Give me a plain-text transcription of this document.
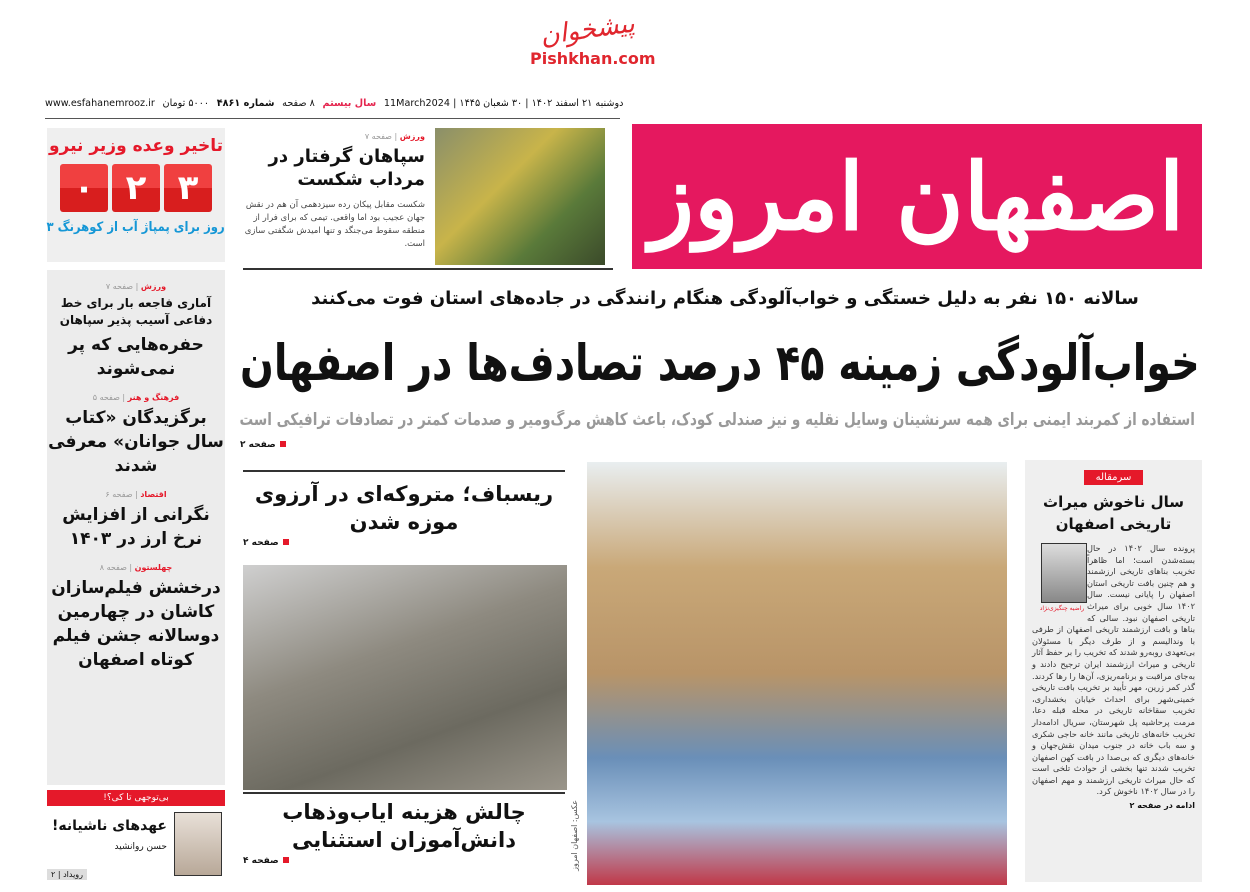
پیشخوان
Pishkhan.com
دوشنبه ۲۱ اسفند ۱۴۰۲ | ۳۰ شعبان ۱۴۴۵ | 11March2024
سال بیستم
۸ صفحه
شماره ۴۸۶۱
۵۰۰۰ تومان
www.esfahanemrooz.ir
اصفهان امروز
تاخیر وعده وزیر نیرو
۳
۲
۰
روز برای پمپاژ آب از کوهرنگ ۳
ورزش | صفحه ۷
سپاهان گرفتار در مرداب شکست

شکست مقابل پیکان رده سیزدهمی آن هم در نقش جهان عجیب بود اما واقعی. تیمی که برای فرار از منطقه سقوط می‌جنگد و تنها امیدش شگفتی سازی است.

سالانه ۱۵۰ نفر به دلیل خستگی و خواب‌آلودگی هنگام رانندگی در جاده‌های استان فوت می‌کنند
خواب‌آلودگی زمینه ۴۵ درصد تصادف‌ها در اصفهان
استفاده از کمربند ایمنی برای همه سرنشینان وسایل نقلیه و نیز صندلی کودک، باعث کاهش مرگ‌ومیر و صدمات کمتر در تصادفات ترافیکی است
صفحه ۲
ورزش | صفحه ۷
آماری فاجعه بار برای خط دفاعی آسیب پذیر سپاهان
حفره‌هایی که پر نمی‌شوند
فرهنگ و هنر | صفحه ۵
برگزیدگان «کتاب سال جوانان» معرفی شدند
اقتصاد | صفحه ۶
نگرانی از افزایش نرخ ارز در ۱۴۰۳
چهلستون | صفحه ۸
درخشش فیلم‌سازان کاشان در چهارمین دوسالانه جشن فیلم کوتاه اصفهان
بی‌توجهی تا کی؟!
عهدهای ناشیانه!
حسن روانشید
رویداد | ۲
ریسباف؛ متروکه‌ای در آرزوی موزه شدن
صفحه ۲
چالش هزینه ایاب‌وذهاب دانش‌آموزان استثنایی
صفحه ۴	عکس: اصفهان امروز
سرمقاله
سال ناخوش میراث تاریخی اصفهان
راضیه چنگیزی‌نژاد

پرونده سال ۱۴۰۲ در حال بسته‌شدن است؛ اما ظاهراً تخریب بناهای تاریخی ارزشمند و هم چنین بافت تاریخی استان اصفهان را پایانی نیست. سال ۱۴۰۲ سال خوبی برای میراث تاریخی اصفهان نبود. سالی که بناها و بافت ارزشمند تاریخی اصفهان از طرفی با وندالیسم و از طرف دیگر با مسئولان بی‌تعهدی روبه‌رو شدند که تخریب را بر حفظ آثار تاریخی و میراث ارزشمند ایران ترجیح دادند و به‌جای مراقبت و برنامه‌ریزی، آن‌ها را رها کردند. گذر کمر زرین، مهر تأیید بر تخریب بافت تاریخی خمینی‌شهر برای احداث خیابان بخشداری، تخریب سقاخانه تاریخی در محله قبله دعا، مرمت پرحاشیه پل شهرستان، سریال ادامه‌دار تخریب خانه‌های تاریخی مانند خانه حاجی شکری و سه باب خانه در جنوب میدان نقش‌جهان و خانه‌های دیگری که بی‌صدا در بافت کهن اصفهان تخریب شدند تنها بخشی از حوادث تلخی است که حال میراث تاریخی ارزشمند و مهم اصفهان را در سال ۱۴۰۲ ناخوش کرد.

ادامه در صفحه ۲
